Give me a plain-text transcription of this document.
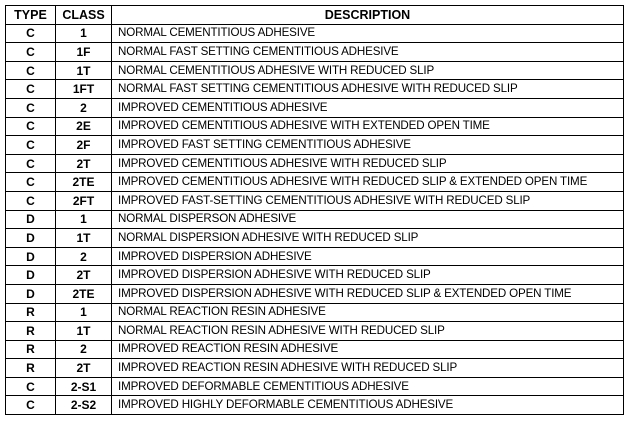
TYPE	CLASS	DESCRIPTION
C	1	NORMAL CEMENTITIOUS ADHESIVE
C	1F	NORMAL FAST SETTING CEMENTITIOUS ADHESIVE
C	1T	NORMAL CEMENTITIOUS ADHESIVE WITH REDUCED SLIP
C	1FT	NORMAL FAST SETTING CEMENTITIOUS ADHESIVE WITH REDUCED SLIP
C	2	IMPROVED CEMENTITIOUS ADHESIVE
C	2E	IMPROVED CEMENTITIOUS ADHESIVE WITH EXTENDED OPEN TIME
C	2F	IMPROVED FAST SETTING CEMENTITIOUS ADHESIVE
C	2T	IMPROVED CEMENTITIOUS ADHESIVE WITH REDUCED SLIP
C	2TE	IMPROVED CEMENTITIOUS ADHESIVE WITH REDUCED SLIP & EXTENDED OPEN TIME
C	2FT	IMPROVED FAST-SETTING CEMENTITIOUS ADHESIVE WITH REDUCED SLIP
D	1	NORMAL DISPERSON ADHESIVE
D	1T	NORMAL DISPERSION ADHESIVE WITH REDUCED SLIP
D	2	IMPROVED DISPERSION ADHESIVE
D	2T	IMPROVED DISPERSION ADHESIVE WITH REDUCED SLIP
D	2TE	IMPROVED DISPERSION ADHESIVE WITH REDUCED SLIP & EXTENDED OPEN TIME
R	1	NORMAL REACTION RESIN ADHESIVE
R	1T	NORMAL REACTION RESIN ADHESIVE WITH REDUCED SLIP
R	2	IMPROVED REACTION RESIN ADHESIVE
R	2T	IMPROVED REACTION RESIN ADHESIVE WITH REDUCED SLIP
C	2-S1	IMPROVED DEFORMABLE CEMENTITIOUS ADHESIVE
C	2-S2	IMPROVED HIGHLY DEFORMABLE CEMENTITIOUS ADHESIVE
